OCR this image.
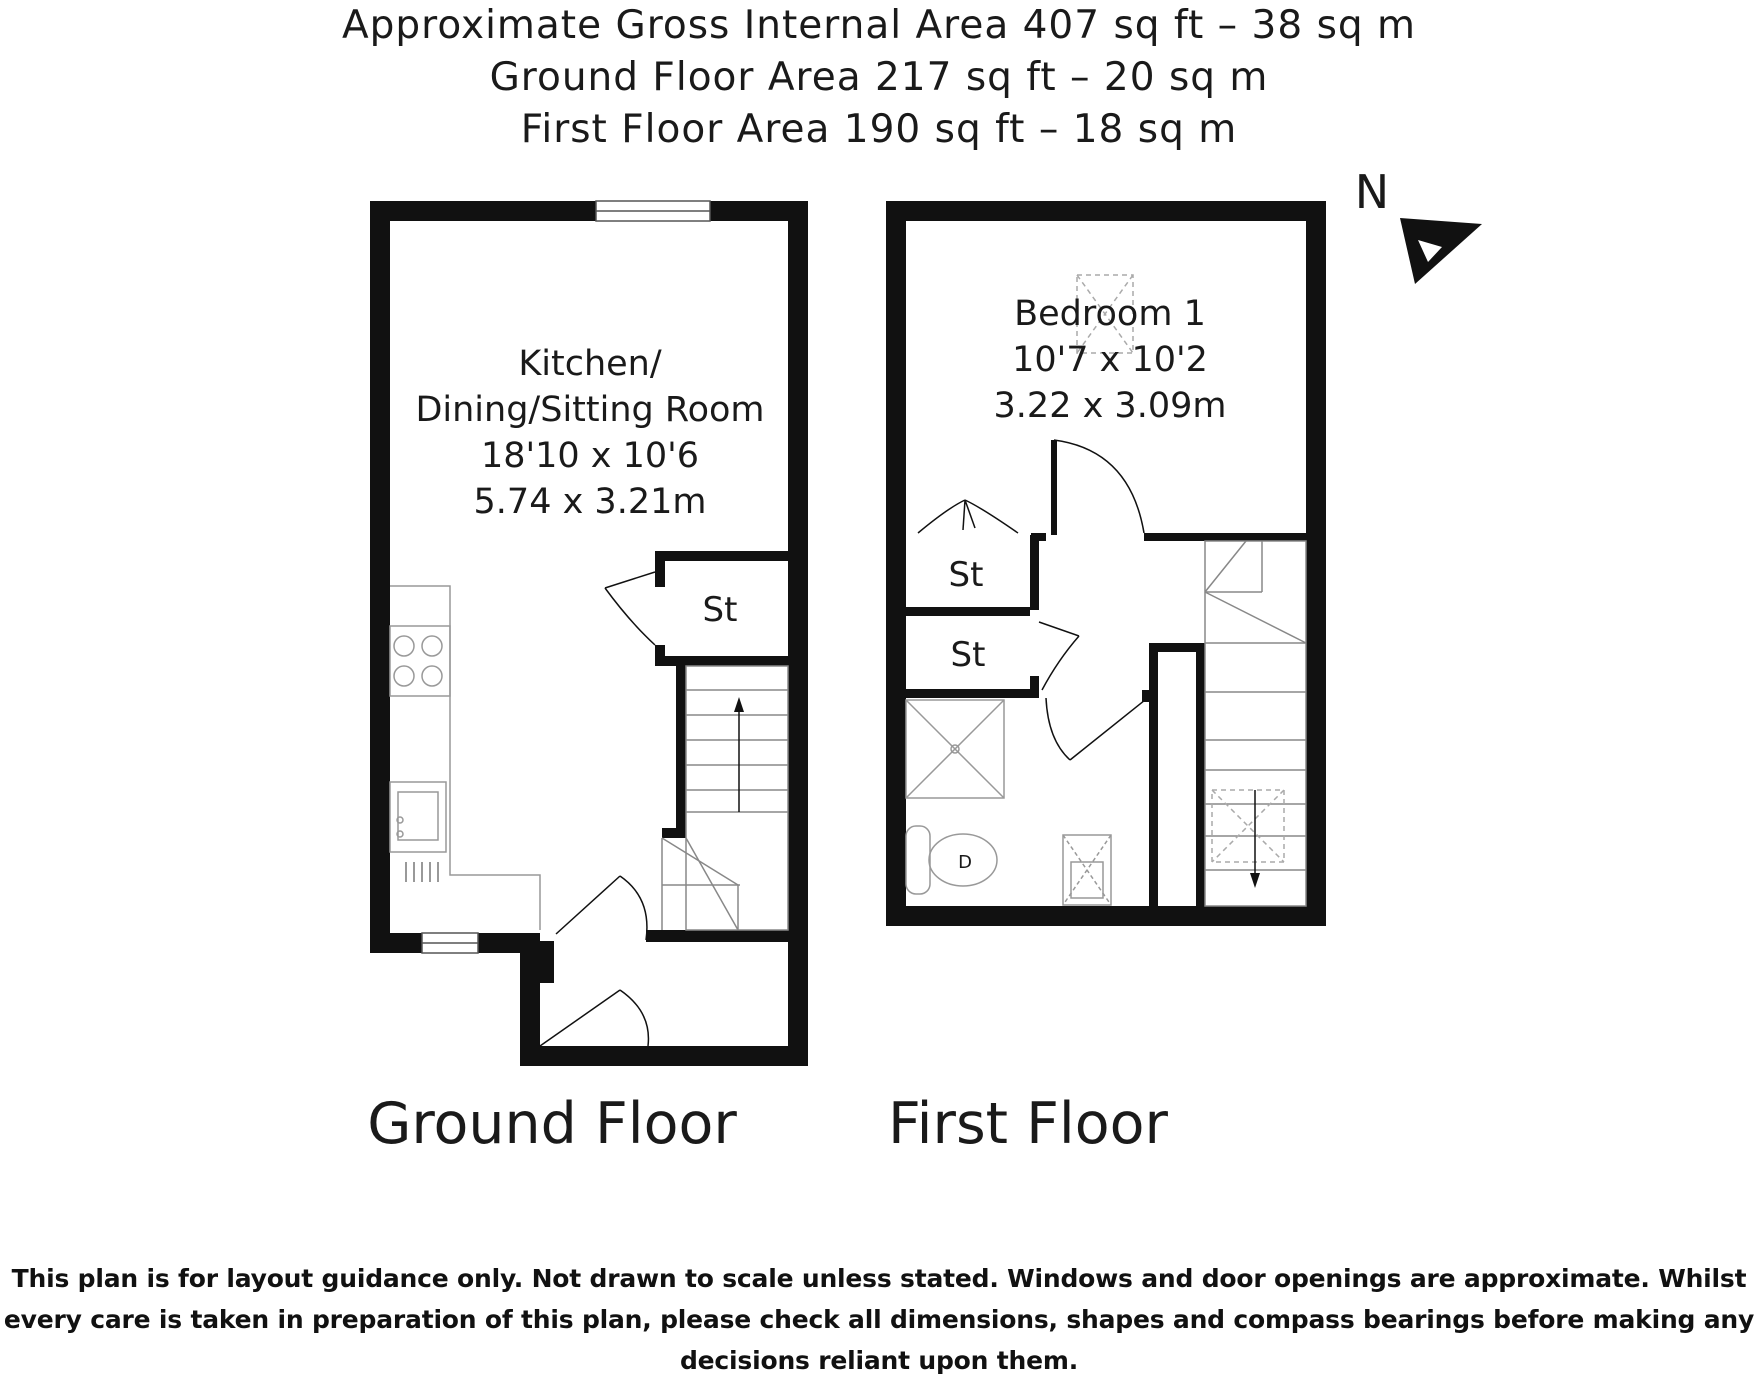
Approximate Gross Internal Area 407 sq ft – 38 sq m
Ground Floor Area 217 sq ft – 20 sq m
First Floor Area 190 sq ft – 18 sq m
Kitchen/
Dining/Sitting Room
18'10 x 10'6
5.74 x 3.21m
St
Ground Floor
D
Bedroom 1
10'7 x 10'2
3.22 x 3.09m
St
St
First Floor
N
This plan is for layout guidance only. Not drawn to scale unless stated. Windows and door openings are approximate. Whilst
every care is taken in preparation of this plan, please check all dimensions, shapes and compass bearings before making any
decisions reliant upon them.
